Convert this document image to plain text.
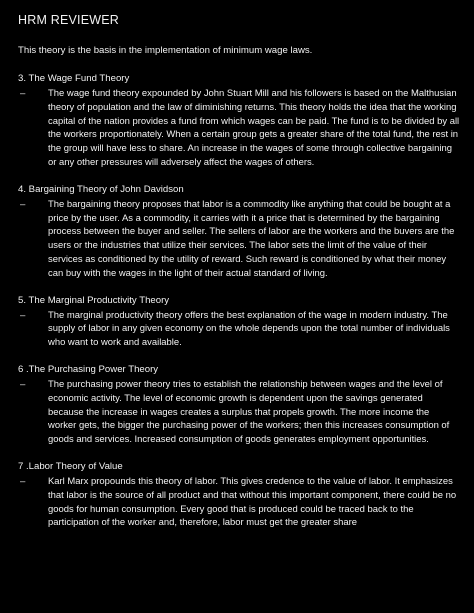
HRM REVIEWER
This theory is the basis in the implementation of minimum wage laws.
3. The Wage Fund Theory
–	The wage fund theory expounded by John Stuart Mill and his followers is based on the Malthusian theory of population and the law of diminishing returns. This theory holds the idea that the working capital of the nation provides a fund from which wages can be paid. The fund is to be divided by all the workers proportionately. When a certain group gets a greater share of the total fund, the rest in the group will have less to share. An increase in the wages of some through collective bargaining or any other pressures will adversely affect the wages of others.
4. Bargaining Theory of John Davidson
–	The bargaining theory proposes that labor is a commodity like anything that could be bought at a price by the user. As a commodity, it carries with it a price that is determined by the bargaining process between the buyer and seller. The sellers of labor are the workers and the buvers are the users or the industries that utilize their services. The labor sets the limit of the value of their services as conditioned by the utility of reward. Such reward is conditioned by what their money can buy with the wages in the light of their actual standard of living.
5. The Marginal Productivity Theory
–	The marginal productivity theory offers the best explanation of the wage in modern industry. The supply of labor in any given economy on the whole depends upon the total number of individuals who want to work and available.
6 .The Purchasing Power Theory
–	The purchasing power theory tries to establish the relationship between wages and the level of economic activity. The level of economic growth is dependent upon the savings generated because the increase in wages creates a surplus that propels growth. The more income the worker gets, the bigger the purchasing power of the workers; then this increases consumption of goods and services. Increased consumption of goods generates employment opportunities.
7 .Labor Theory of Value
–	Karl Marx propounds this theory of labor. This gives credence to the value of labor. It emphasizes that labor is the source of all product and that without this important component, there could be no goods for human consumption. Every good that is produced could be traced back to the participation of the worker and, therefore, labor must get the greater share
